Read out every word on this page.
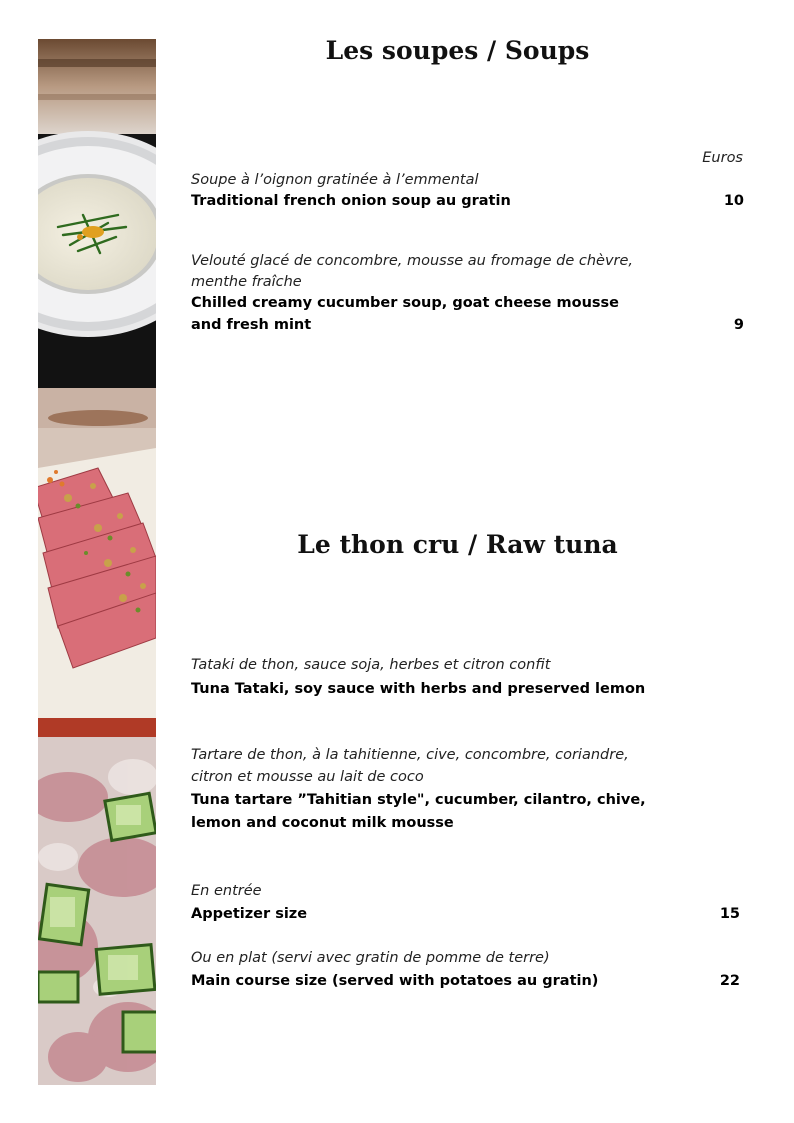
Les soupes / Soups
Euros
Soupe à l’oignon gratinée à l’emmental
Traditional french onion soup au gratin	10
Velouté glacé de concombre, mousse au fromage de chèvre,
menthe fraîche
Chilled creamy cucumber soup, goat cheese mousse
and fresh mint	9
Le thon cru / Raw tuna
Tataki de thon, sauce soja, herbes et citron confit
Tuna Tataki, soy sauce with herbs and preserved lemon
Tartare de thon, à la tahitienne, cive, concombre, coriandre,
citron et mousse au lait de coco
Tuna tartare ”Tahitian style", cucumber, cilantro, chive,
lemon and coconut milk mousse
En entrée
Appetizer size	15
Ou en plat (servi avec gratin de pomme de terre)
Main course size (served with potatoes au gratin)	22
